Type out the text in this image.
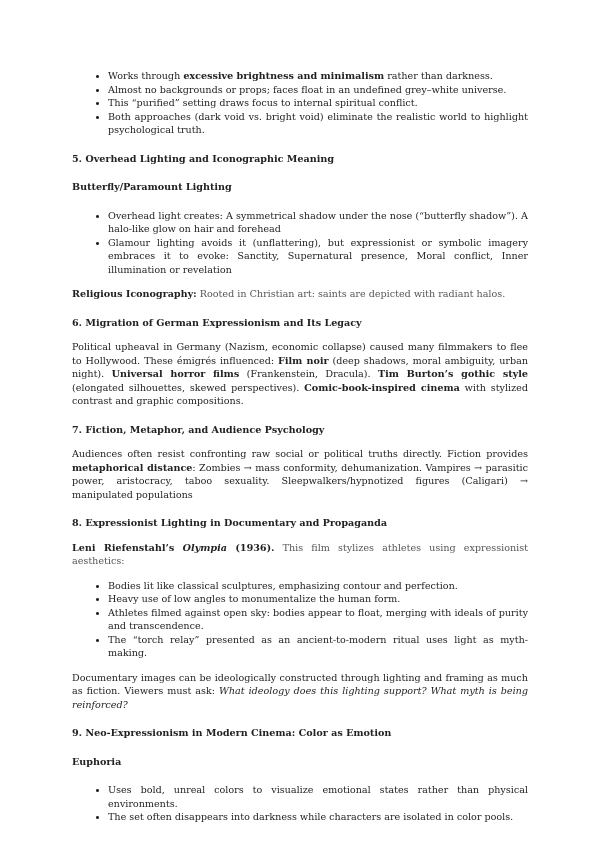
• Works through excessive brightness and minimalism rather than darkness.
• Almost no backgrounds or props; faces float in an undefined grey–white universe.
• This “purified” setting draws focus to internal spiritual conflict.
• Both approaches (dark void vs. bright void) eliminate the realistic world to highlight psychological truth.

5. Overhead Lighting and Iconographic Meaning

Butterfly/Paramount Lighting

• Overhead light creates: A symmetrical shadow under the nose (“butterfly shadow”). A halo-like glow on hair and forehead
• Glamour lighting avoids it (unflattering), but expressionist or symbolic imagery embraces it to evoke: Sanctity, Supernatural presence, Moral conflict, Inner illumination or revelation

Religious Iconography: Rooted in Christian art: saints are depicted with radiant halos.

6. Migration of German Expressionism and Its Legacy

Political upheaval in Germany (Nazism, economic collapse) caused many filmmakers to flee to Hollywood. These émigrés influenced: Film noir (deep shadows, moral ambiguity, urban night). Universal horror films (Frankenstein, Dracula). Tim Burton’s gothic style (elongated silhouettes, skewed perspectives). Comic-book-inspired cinema with stylized contrast and graphic compositions.

7. Fiction, Metaphor, and Audience Psychology

Audiences often resist confronting raw social or political truths directly. Fiction provides metaphorical distance: Zombies → mass conformity, dehumanization. Vampires → parasitic power, aristocracy, taboo sexuality. Sleepwalkers/hypnotized figures (Caligari) → manipulated populations

8. Expressionist Lighting in Documentary and Propaganda

Leni Riefenstahl’s Olympia (1936). This film stylizes athletes using expressionist aesthetics:

• Bodies lit like classical sculptures, emphasizing contour and perfection.
• Heavy use of low angles to monumentalize the human form.
• Athletes filmed against open sky: bodies appear to float, merging with ideals of purity and transcendence.
• The “torch relay” presented as an ancient-to-modern ritual uses light as myth-making.

Documentary images can be ideologically constructed through lighting and framing as much as fiction. Viewers must ask: What ideology does this lighting support? What myth is being reinforced?

9. Neo-Expressionism in Modern Cinema: Color as Emotion

Euphoria

• Uses bold, unreal colors to visualize emotional states rather than physical environments.
• The set often disappears into darkness while characters are isolated in color pools.
